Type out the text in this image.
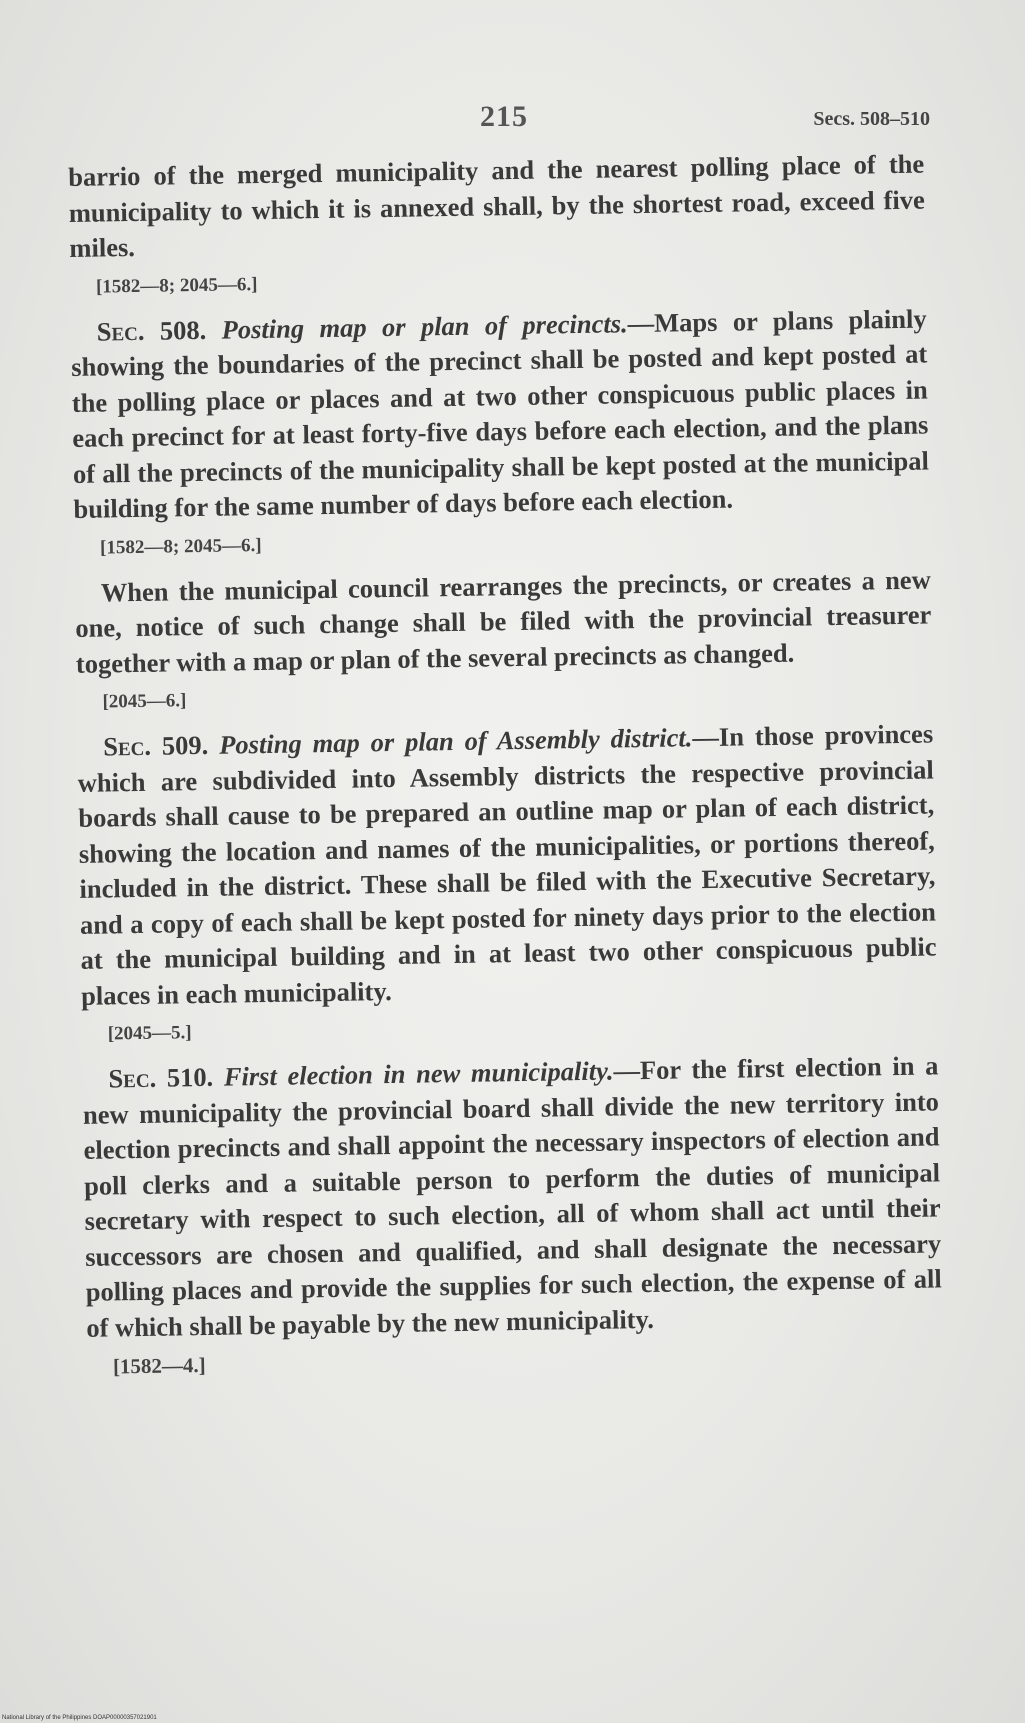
215	Secs. 508–510

barrio of the merged municipality and the nearest polling place of the municipality to which it is annexed shall, by the shortest road, exceed five miles.

[1582—8; 2045—6.]

Sec. 508. Posting map or plan of precincts.—Maps or plans plainly showing the boundaries of the precinct shall be posted and kept posted at the polling place or places and at two other conspicuous public places in each precinct for at least forty-five days before each election, and the plans of all the precincts of the municipality shall be kept posted at the municipal building for the same number of days before each election.

[1582—8; 2045—6.]

When the municipal council rearranges the precincts, or creates a new one, notice of such change shall be filed with the provincial treasurer together with a map or plan of the several precincts as changed.

[2045—6.]

Sec. 509. Posting map or plan of Assembly district.—In those provinces which are subdivided into Assembly districts the respective provincial boards shall cause to be prepared an outline map or plan of each district, showing the location and names of the municipalities, or portions thereof, included in the district. These shall be filed with the Executive Secretary, and a copy of each shall be kept posted for ninety days prior to the election at the municipal building and in at least two other conspicuous public places in each municipality.

[2045—5.]

Sec. 510. First election in new municipality.—For the first election in a new municipality the provincial board shall divide the new territory into election precincts and shall appoint the necessary inspectors of election and poll clerks and a suitable person to perform the duties of municipal secretary with respect to such election, all of whom shall act until their successors are chosen and qualified, and shall designate the necessary polling places and provide the supplies for such election, the expense of all of which shall be payable by the new municipality.

[1582—4.]
National Library of the Philippines DOAP00000357021901
